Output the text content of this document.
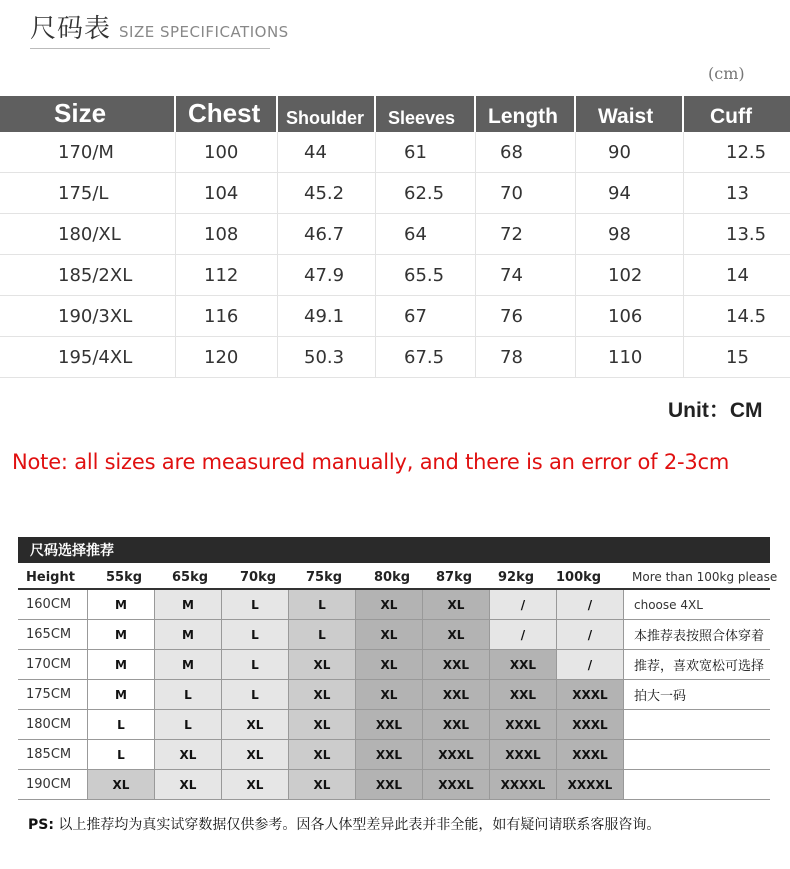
尺码表 SIZE SPECIFICATIONS
(cm)
Size	Chest	Shoulder	Sleeves	Length	Waist	Cuff
170/M	100	44	61	68	90	12.5
175/L	104	45.2	62.5	70	94	13
180/XL	108	46.7	64	72	98	13.5
185/2XL	112	47.9	65.5	74	102	14
190/3XL	116	49.1	67	76	106	14.5
195/4XL	120	50.3	67.5	78	110	15
Unit：CM
Note: all sizes are measured manually, and there is an error of 2-3cm
尺码选择推荐
Height 55kg 65kg 70kg 75kg 80kg 87kg 92kg 100kg	More than 100kg please
160CM	M	M	L	L	XL	XL	/	/	choose 4XL
165CM	M	M	L	L	XL	XL	/	/	本推荐表按照合体穿着
170CM	M	M	L	XL	XL	XXL	XXL	/	推荐，喜欢宽松可选择
175CM	M	L	L	XL	XL	XXL	XXL	XXXL	拍大一码
180CM	L	L	XL	XL	XXL	XXL	XXXL	XXXL
185CM	L	XL	XL	XL	XXL	XXXL	XXXL	XXXL
190CM	XL	XL	XL	XL	XXL	XXXL	XXXXL	XXXXL
PS: 以上推荐均为真实试穿数据仅供参考。因各人体型差异此表并非全能，如有疑问请联系客服咨询。
